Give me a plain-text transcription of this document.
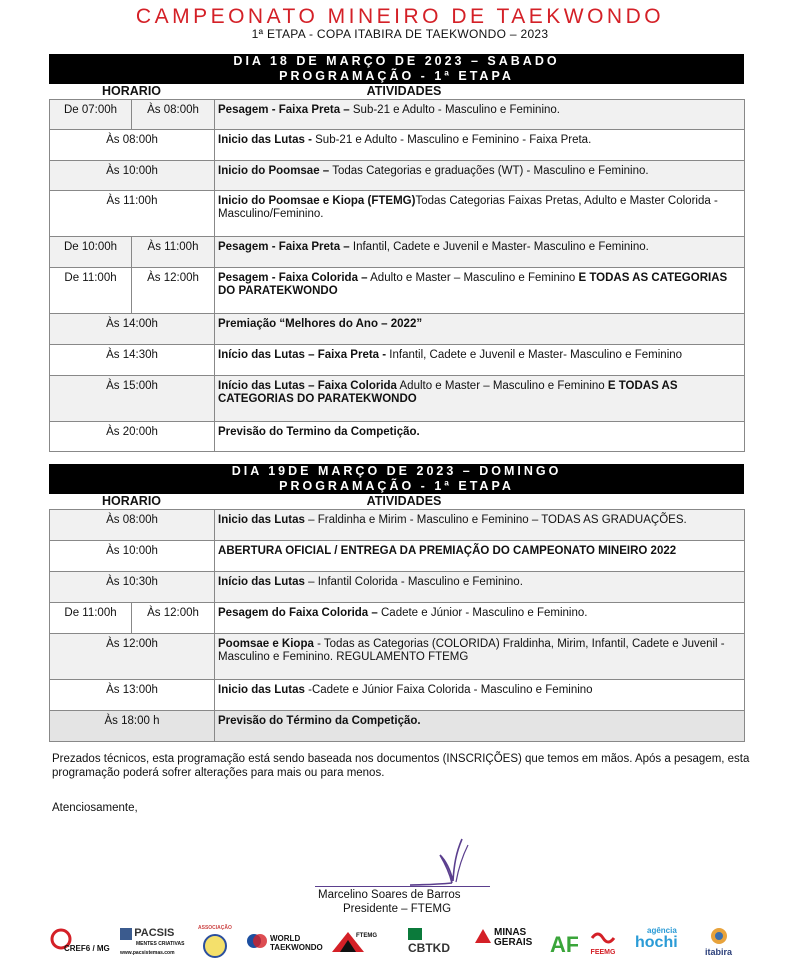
CAMPEONATO MINEIRO DE TAEKWONDO
1ª ETAPA - COPA ITABIRA DE TAEKWONDO – 2023
DIA 18 DE MARÇO DE 2023 – SABADO
PROGRAMAÇÃO - 1ª ETAPA
HORARIO	ATIVIDADES
De 07:00h	Às 08:00h	Pesagem - Faixa Preta – Sub-21 e Adulto - Masculino e Feminino.
Às 08:00h		Inicio das Lutas - Sub-21 e Adulto - Masculino e Feminino - Faixa Preta.
Às 10:00h		Inicio do Poomsae – Todas Categorias e graduações (WT) - Masculino e Feminino.
Às 11:00h		Inicio do Poomsae e Kiopa (FTEMG)Todas Categorias Faixas Pretas, Adulto e Master Colorida -Masculino/Feminino.
De 10:00h	Às 11:00h	Pesagem - Faixa Preta – Infantil, Cadete e Juvenil e Master- Masculino e Feminino.
De 11:00h	Às 12:00h	Pesagem - Faixa Colorida – Adulto e Master – Masculino e Feminino E TODAS AS CATEGORIAS DO PARATEKWONDO
Às 14:00h		Premiação “Melhores do Ano – 2022”
Às 14:30h		Início das Lutas – Faixa Preta - Infantil, Cadete e Juvenil e Master- Masculino e Feminino
Às 15:00h		Início das Lutas – Faixa Colorida Adulto e Master – Masculino e Feminino E TODAS AS CATEGORIAS DO PARATEKWONDO
Às 20:00h		Previsão do Termino da Competição.
DIA 19DE MARÇO DE 2023 – DOMINGO
PROGRAMAÇÃO - 1ª ETAPA
HORARIO	ATIVIDADES
Às 08:00h		Inicio das Lutas – Fraldinha e Mirim - Masculino e Feminino – TODAS AS GRADUAÇÕES.
Às 10:00h		ABERTURA OFICIAL / ENTREGA DA PREMIAÇÃO DO CAMPEONATO MINEIRO 2022
Às 10:30h		Início das Lutas – Infantil Colorida - Masculino e Feminino.
De 11:00h	Às 12:00h	Pesagem do Faixa Colorida – Cadete e Júnior - Masculino e Feminino.
Às 12:00h		Poomsae e Kiopa - Todas as Categorias (COLORIDA) Fraldinha, Mirim, Infantil, Cadete e Juvenil - Masculino e Feminino. REGULAMENTO FTEMG
Às 13:00h		Inicio das Lutas -Cadete e Júnior Faixa Colorida - Masculino e Feminino
Às 18:00 h		Previsão do Término da Competição.
Prezados técnicos, esta programação está sendo baseada nos documentos (INSCRIÇÕES) que temos em mãos. Após a pesagem, esta programação poderá sofrer alterações para mais ou para menos.
Atenciosamente,
Marcelino Soares de Barros
Presidente – FTEMG
CREF6 / MG
PACSIS
MENTES CRIATIVAS
www.pacsistemas.com
ASSOCIAÇÃO
WORLD
TAEKWONDO
FTEMG
CBTKD
MINAS
GERAIS AF FEEMG
agência
hochi
itabira
